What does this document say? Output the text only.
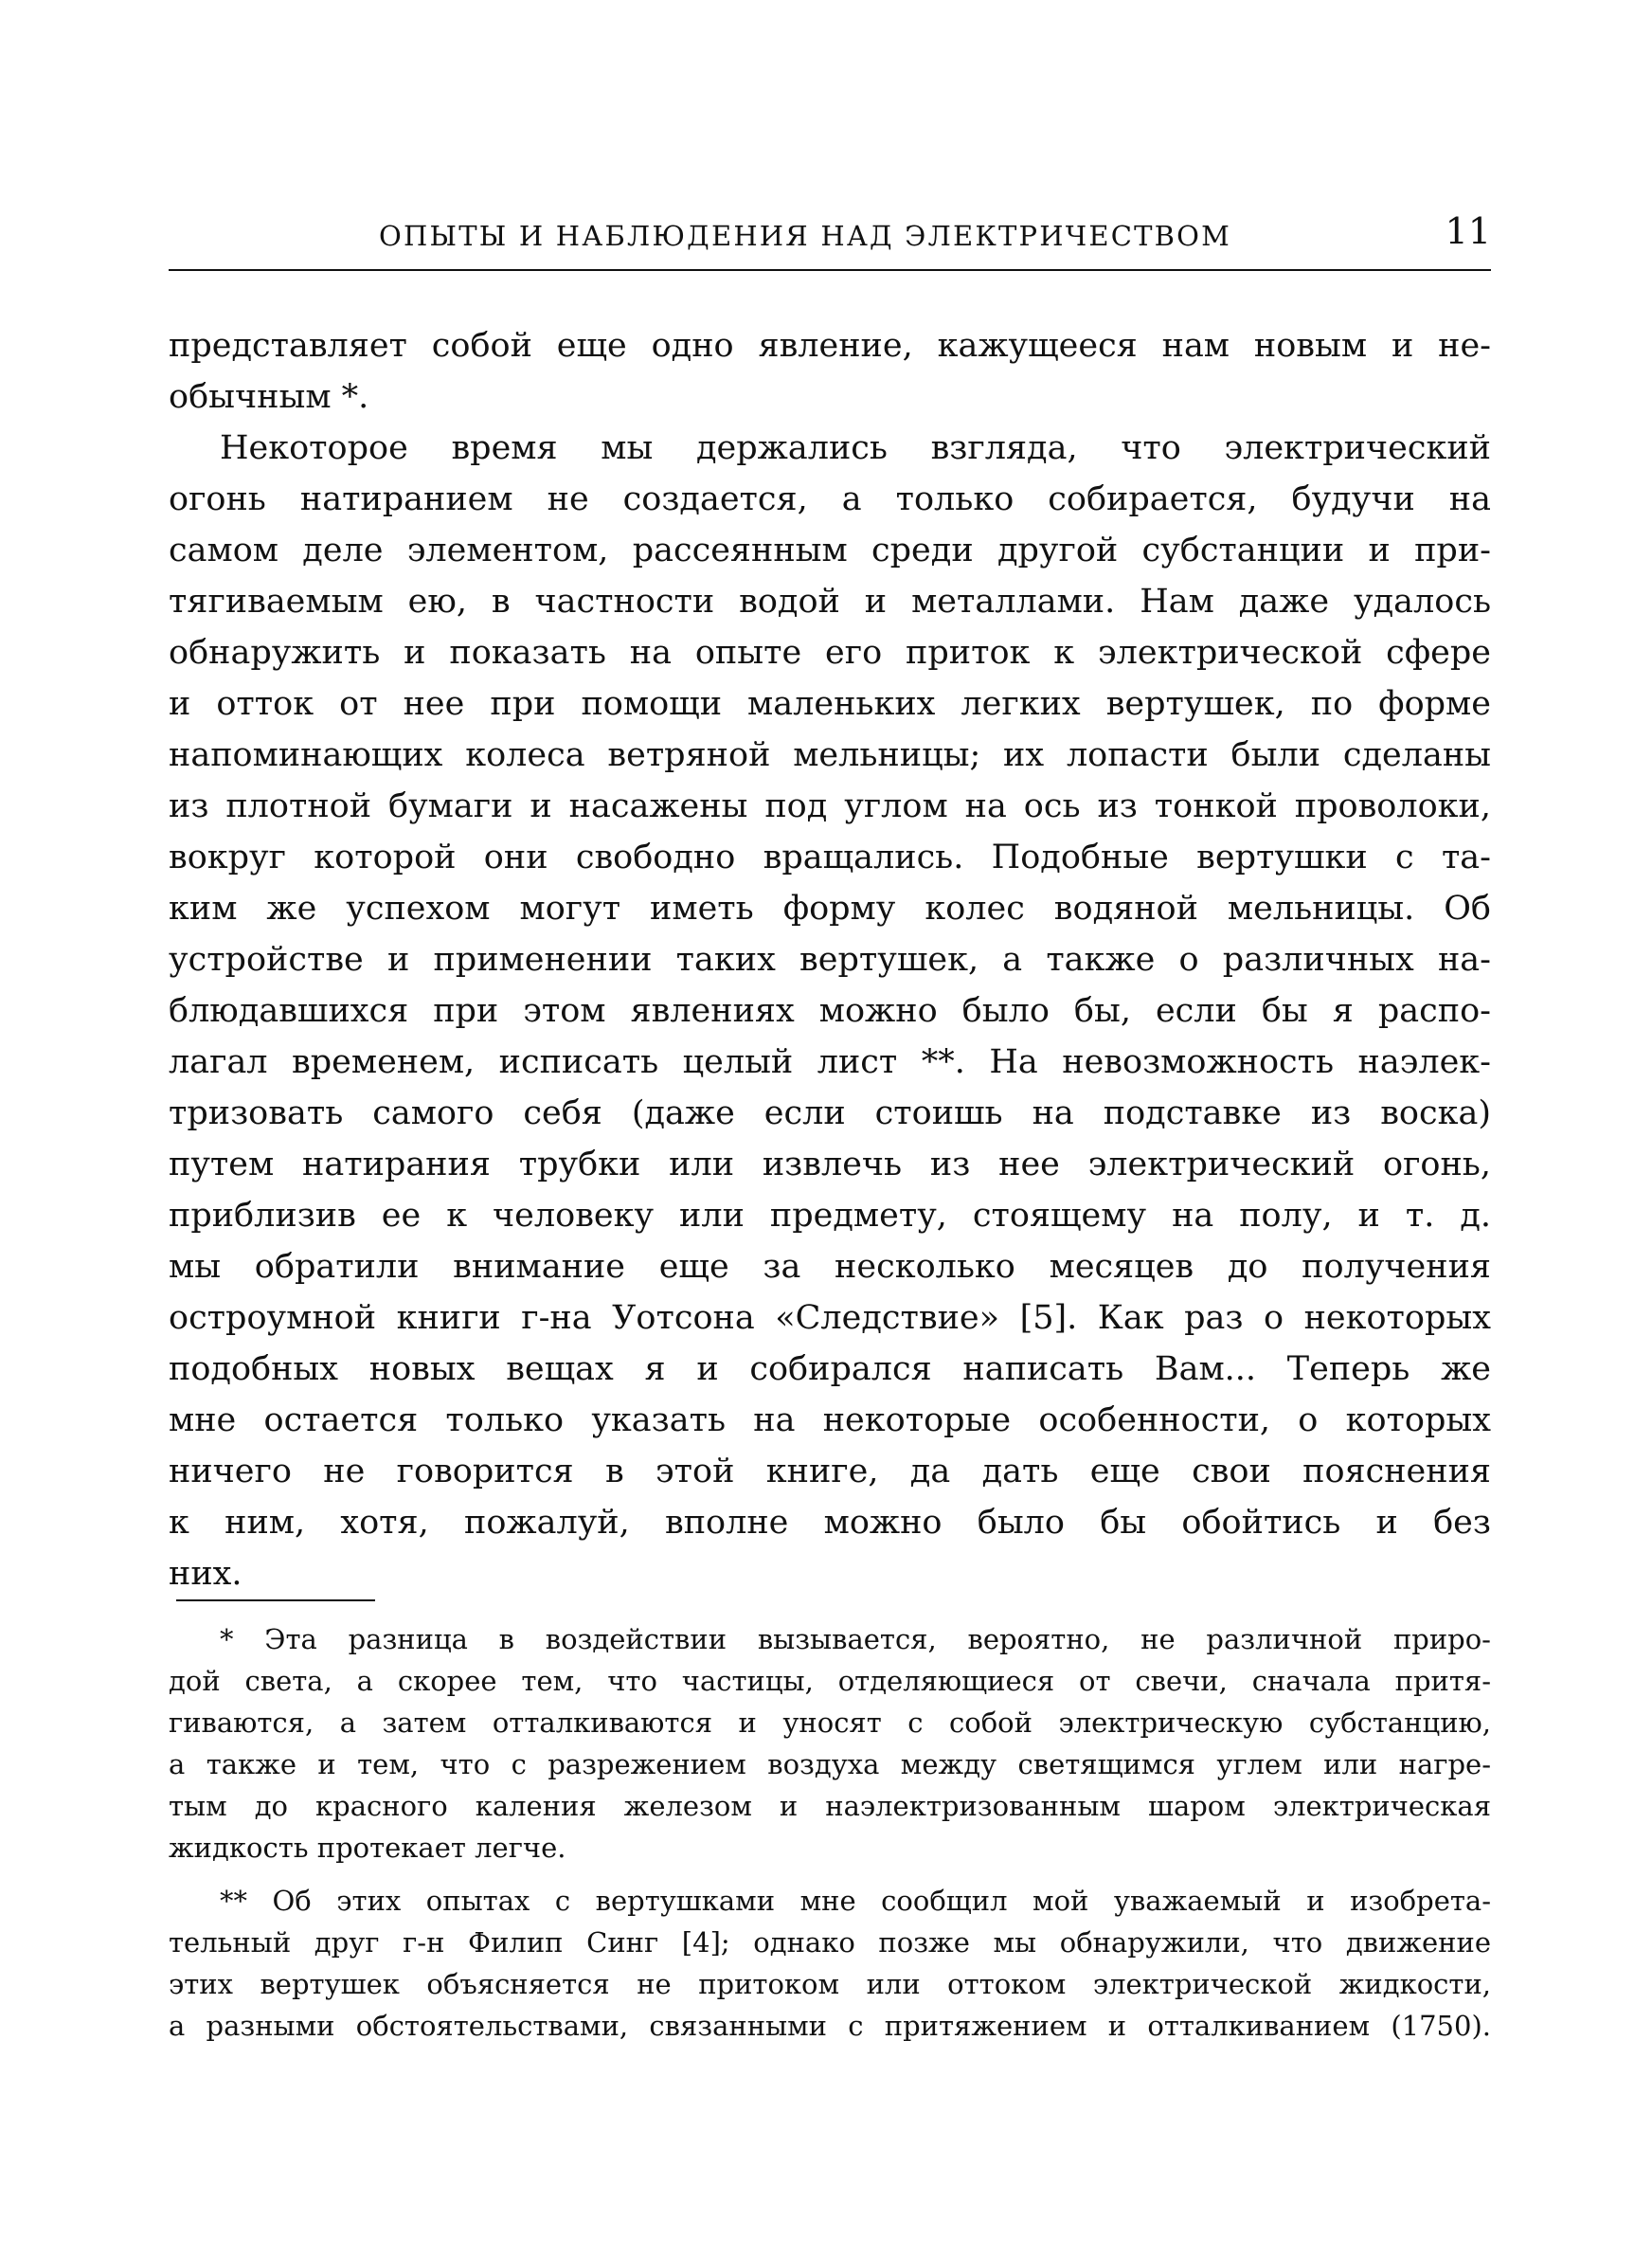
ОПЫТЫ И НАБЛЮДЕНИЯ НАД ЭЛЕКТРИЧЕСТВОМ	11
представляет собой еще одно явление, кажущееся нам новым и не-
обычным *.
Некоторое время мы держались взгляда, что электрический
огонь натиранием не создается, а только собирается, будучи на
самом деле элементом, рассеянным среди другой субстанции и при-
тягиваемым ею, в частности водой и металлами. Нам даже удалось
обнаружить и показать на опыте его приток к электрической сфере
и отток от нее при помощи маленьких легких вертушек, по форме
напоминающих колеса ветряной мельницы; их лопасти были сделаны
из плотной бумаги и насажены под углом на ось из тонкой проволоки,
вокруг которой они свободно вращались. Подобные вертушки с та-
ким же успехом могут иметь форму колес водяной мельницы. Об
устройстве и применении таких вертушек, а также о различных на-
блюдавшихся при этом явлениях можно было бы, если бы я распо-
лагал временем, исписать целый лист **. На невозможность наэлек-
тризовать самого себя (даже если стоишь на подставке из воска)
путем натирания трубки или извлечь из нее электрический огонь,
приблизив ее к человеку или предмету, стоящему на полу, и т. д.
мы обратили внимание еще за несколько месяцев до получения
остроумной книги г-на Уотсона «Следствие» [5]. Как раз о некоторых
подобных новых вещах я и собирался написать Вам... Теперь же
мне остается только указать на некоторые особенности, о которых
ничего не говорится в этой книге, да дать еще свои пояснения
к ним, хотя, пожалуй, вполне можно было бы обойтись и без
них.
* Эта разница в воздействии вызывается, вероятно, не различной приро-
дой света, а скорее тем, что частицы, отделяющиеся от свечи, сначала притя-
гиваются, а затем отталкиваются и уносят с собой электрическую субстанцию,
а также и тем, что с разрежением воздуха между светящимся углем или нагре-
тым до красного каления железом и наэлектризованным шаром электрическая
жидкость протекает легче.
** Об этих опытах с вертушками мне сообщил мой уважаемый и изобрета-
тельный друг г-н Филип Синг [4]; однако позже мы обнаружили, что движение
этих вертушек объясняется не притоком или оттоком электрической жидкости,
а разными обстоятельствами, связанными с притяжением и отталкиванием (1750).
